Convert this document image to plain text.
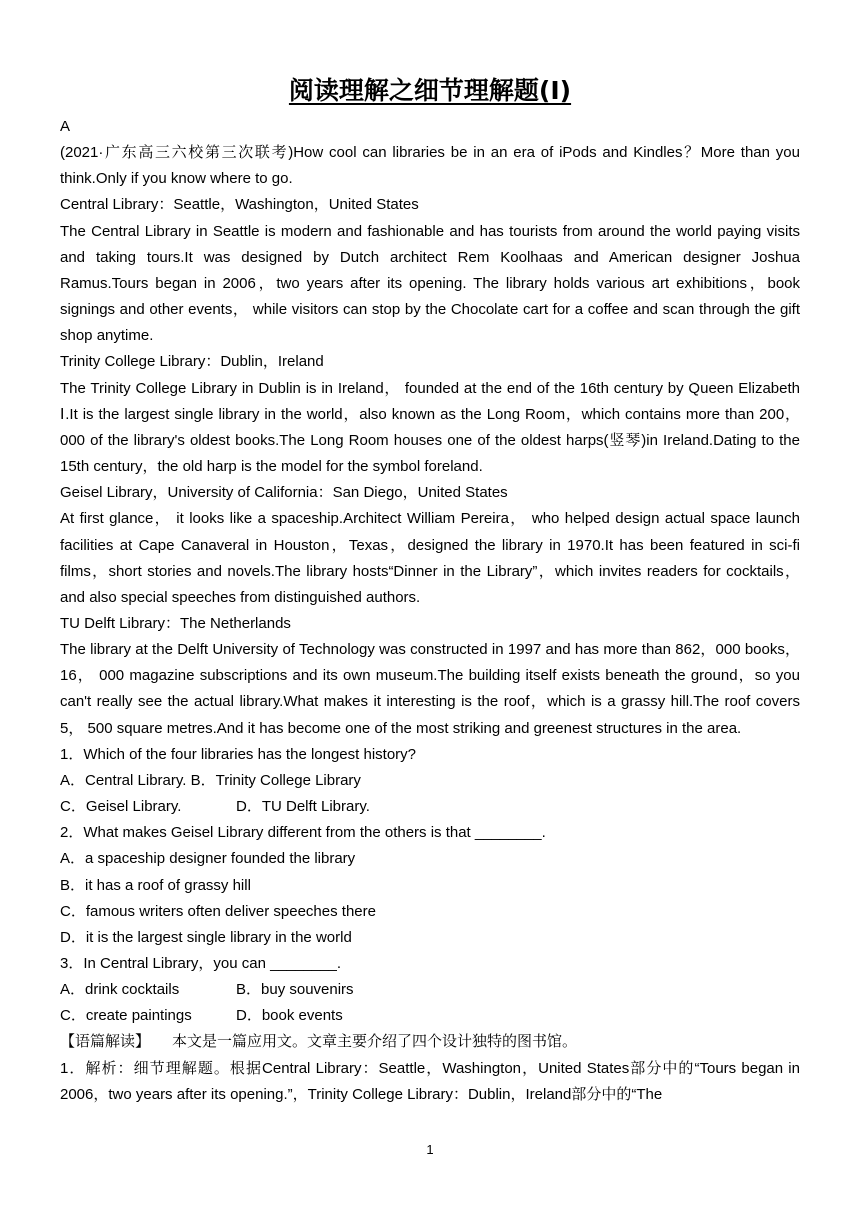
阅读理解之细节理解题(Ⅰ)

A

(2021·广东高三六校第三次联考)How cool can libraries be in an era of iPods and Kindles？More than you think.Only if you know where to go.

Central Library：Seattle，Washington，United States

The Central Library in Seattle is modern and fashionable and has tourists from around the world paying visits and taking tours.It was designed by Dutch architect Rem Koolhaas and American designer Joshua Ramus.Tours began in 2006，two years after its opening. The library holds various art exhibitions，book signings and other events， while visitors can stop by the Chocolate cart for a coffee and scan through the gift shop anytime.

Trinity College Library：Dublin，Ireland

The Trinity College Library in Dublin is in Ireland， founded at the end of the 16th century by Queen Elizabeth Ⅰ.It is the largest single library in the world，also known as the Long Room，which contains more than 200，000 of the library's oldest books.The Long Room houses one of the oldest harps(竖琴)in Ireland.Dating to the 15th century，the old harp is the model for the symbol foreland.

Geisel Library，University of California：San Diego，United States

At first glance， it looks like a spaceship.Architect William Pereira， who helped design actual space launch facilities at Cape Canaveral in Houston，Texas，designed the library in 1970.It has been featured in sci-fi films，short stories and novels.The library hosts“Dinner in the Library”，which invites readers for cocktails，and also special speeches from distinguished authors.

TU Delft Library：The Netherlands

The library at the Delft University of Technology was constructed in 1997 and has more than 862，000 books， 16， 000 magazine subscriptions and its own museum.The building itself exists beneath the ground，so you can't really see the actual library.What makes it interesting is the roof，which is a grassy hill.The roof covers 5， 500 square metres.And it has become one of the most striking and greenest structures in the area.

1．Which of the four libraries has the longest history?

A．Central Library. B．Trinity College Library
C．Geisel Library.	D．TU Delft Library.

2．What makes Geisel Library different from the others is that ________.

A．a spaceship designer founded the library
B．it has a roof of grassy hill
C．famous writers often deliver speeches there
D．it is the largest single library in the world

3．In Central Library，you can ________.

A．drink cocktails	B．buy souvenirs
C．create paintings	D．book events

【语篇解读】 本文是一篇应用文。文章主要介绍了四个设计独特的图书馆。

1．解析：细节理解题。根据Central Library：Seattle，Washington，United States部分中的“Tours began in 2006，two years after its opening.”，Trinity College Library：Dublin，Ireland部分中的“The

1
